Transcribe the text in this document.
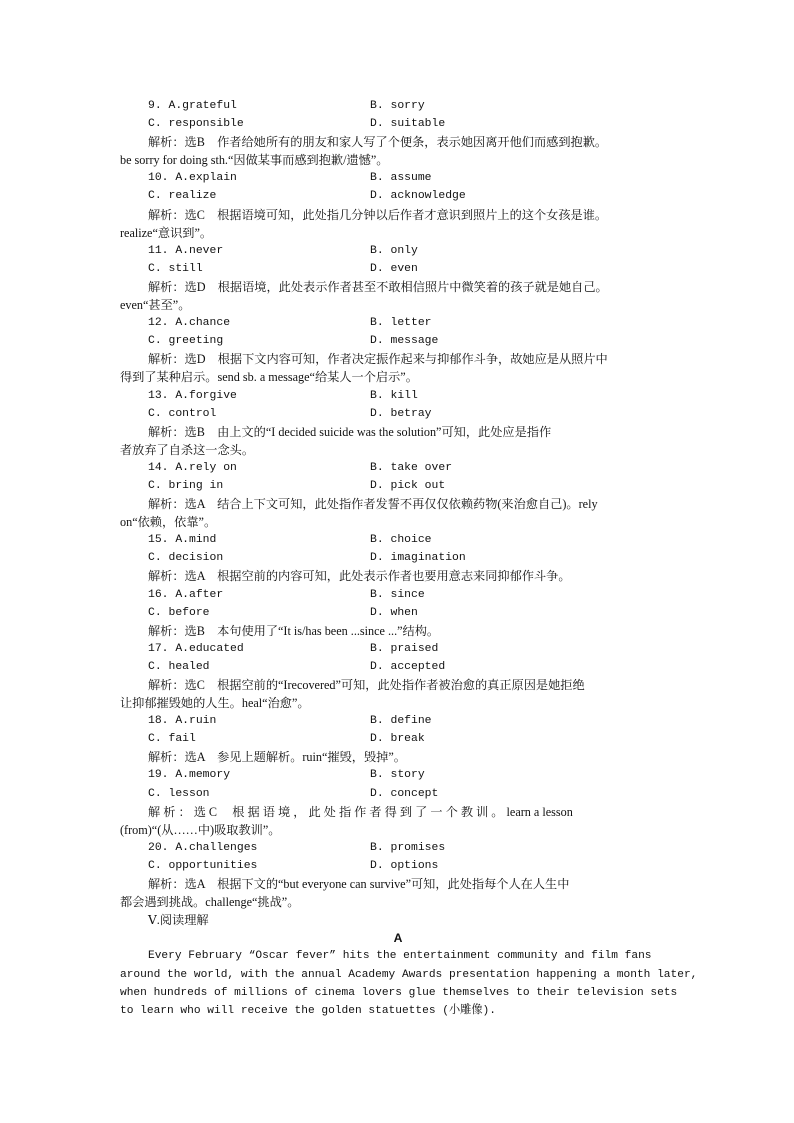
9. A.grateful	B. sorry
C. responsible	D. suitable
解析：选B　作者给她所有的朋友和家人写了个便条，表示她因离开他们而感到抱歉。
be sorry for doing sth.“因做某事而感到抱歉/遗憾”。
10. A.explain	B. assume
C. realize	D. acknowledge
解析：选C　根据语境可知，此处指几分钟以后作者才意识到照片上的这个女孩是谁。
realize“意识到”。
11. A.never	B. only
C. still	D. even
解析：选D　根据语境，此处表示作者甚至不敢相信照片中微笑着的孩子就是她自己。
even“甚至”。
12. A.chance	B. letter
C. greeting	D. message
解析：选D　根据下文内容可知，作者决定振作起来与抑郁作斗争，故她应是从照片中
得到了某种启示。send sb. a message“给某人一个启示”。
13. A.forgive	B. kill
C. control	D. betray
解析：选B　由上文的“I decided suicide was the solution”可知，此处应是指作
者放弃了自杀这一念头。
14. A.rely on	B. take over
C. bring in	D. pick out
解析：选A　结合上下文可知，此处指作者发誓不再仅仅依赖药物(来治愈自己)。rely
on“依赖，依靠”。
15. A.mind	B. choice
C. decision	D. imagination
解析：选A　根据空前的内容可知，此处表示作者也要用意志来同抑郁作斗争。
16. A.after	B. since
C. before	D. when
解析：选B　本句使用了“It is/has been ...since ...”结构。
17. A.educated	B. praised
C. healed	D. accepted
解析：选C　根据空前的“Irecovered”可知，此处指作者被治愈的真正原因是她拒绝
让抑郁摧毁她的人生。heal“治愈”。
18. A.ruin	B. define
C. fail	D. break
解析：选A　参见上题解析。ruin“摧毁，毁掉”。
19. A.memory	B. story
C. lesson	D. concept
解 析 ： 选 C　 根 据 语 境 ， 此 处 指 作 者 得 到 了 一 个 教 训 。 learn a lesson
(from)“(从……中)吸取教训”。
20. A.challenges	B. promises
C. opportunities	D. options
解析：选A　根据下文的“but everyone can survive”可知，此处指每个人在人生中
都会遇到挑战。challenge“挑战”。
Ⅴ.阅读理解
A
Every February “Oscar fever” hits the entertainment community and film fans
around the world, with the annual Academy Awards presentation happening a month later,
when hundreds of millions of cinema lovers glue themselves to their television sets
to learn who will receive the golden statuettes (小雕像).
